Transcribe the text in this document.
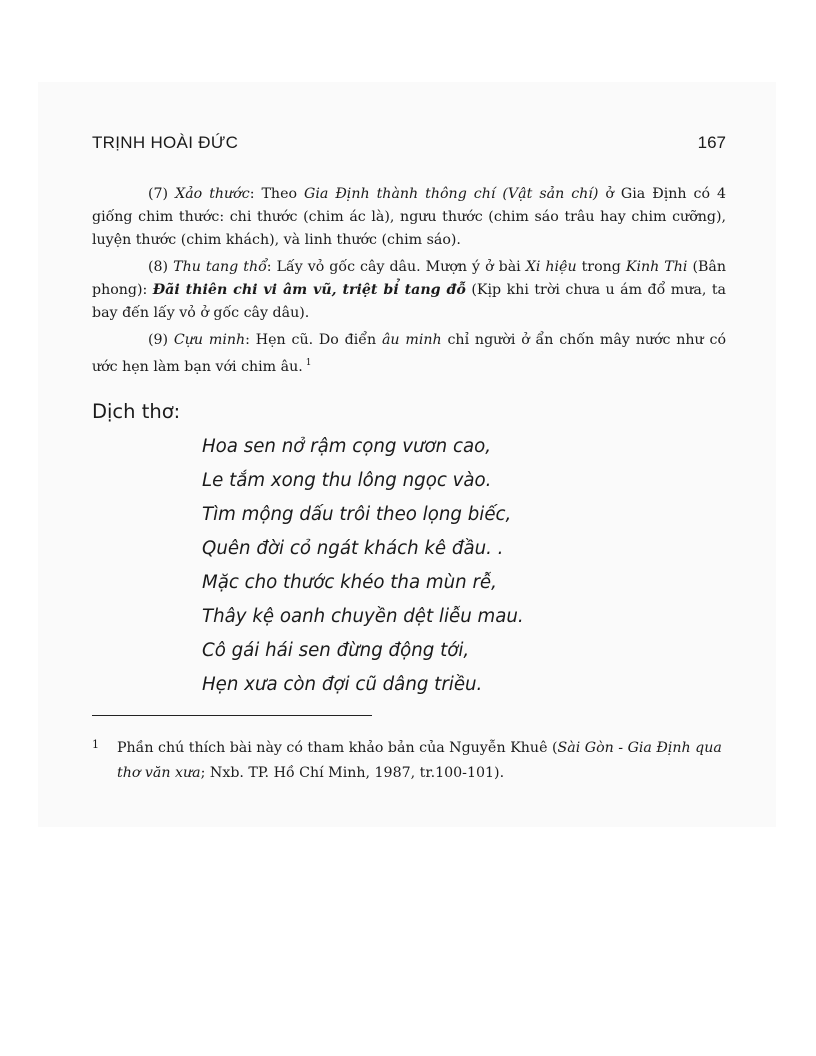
TRỊNH HOÀI ĐỨC	167

(7) Xảo thước: Theo Gia Định thành thông chí (Vật sản chí) ở Gia Định có 4 giống chim thước: chi thước (chim ác là), ngưu thước (chim sáo trâu hay chim cưỡng), luyện thước (chim khách), và linh thước (chim sáo).

(8) Thu tang thổ: Lấy vỏ gốc cây dâu. Mượn ý ở bài Xi hiệu trong Kinh Thi (Bân phong): Đãi thiên chi vi âm vũ, triệt bỉ tang đỗ (Kịp khi trời chưa u ám đổ mưa, ta bay đến lấy vỏ ở gốc cây dâu).

(9) Cựu minh: Hẹn cũ. Do điển âu minh chỉ người ở ẩn chốn mây nước như có ước hẹn làm bạn với chim âu. $^1$

Dịch thơ:
Hoa sen nở rậm cọng vươn cao,
Le tắm xong thu lông ngọc vào.
Tìm mộng dấu trôi theo lọng biếc,
Quên đời cỏ ngát khách kê đầu. .
Mặc cho thước khéo tha mùn rễ,
Thây kệ oanh chuyền dệt liễu mau.
Cô gái hái sen đừng động tới,
Hẹn xưa còn đợi cũ dâng triều.
1 Phần chú thích bài này có tham khảo bản của Nguyễn Khuê (Sài Gòn - Gia Định qua thơ văn xưa; Nxb. TP. Hồ Chí Minh, 1987, tr.100-101).
